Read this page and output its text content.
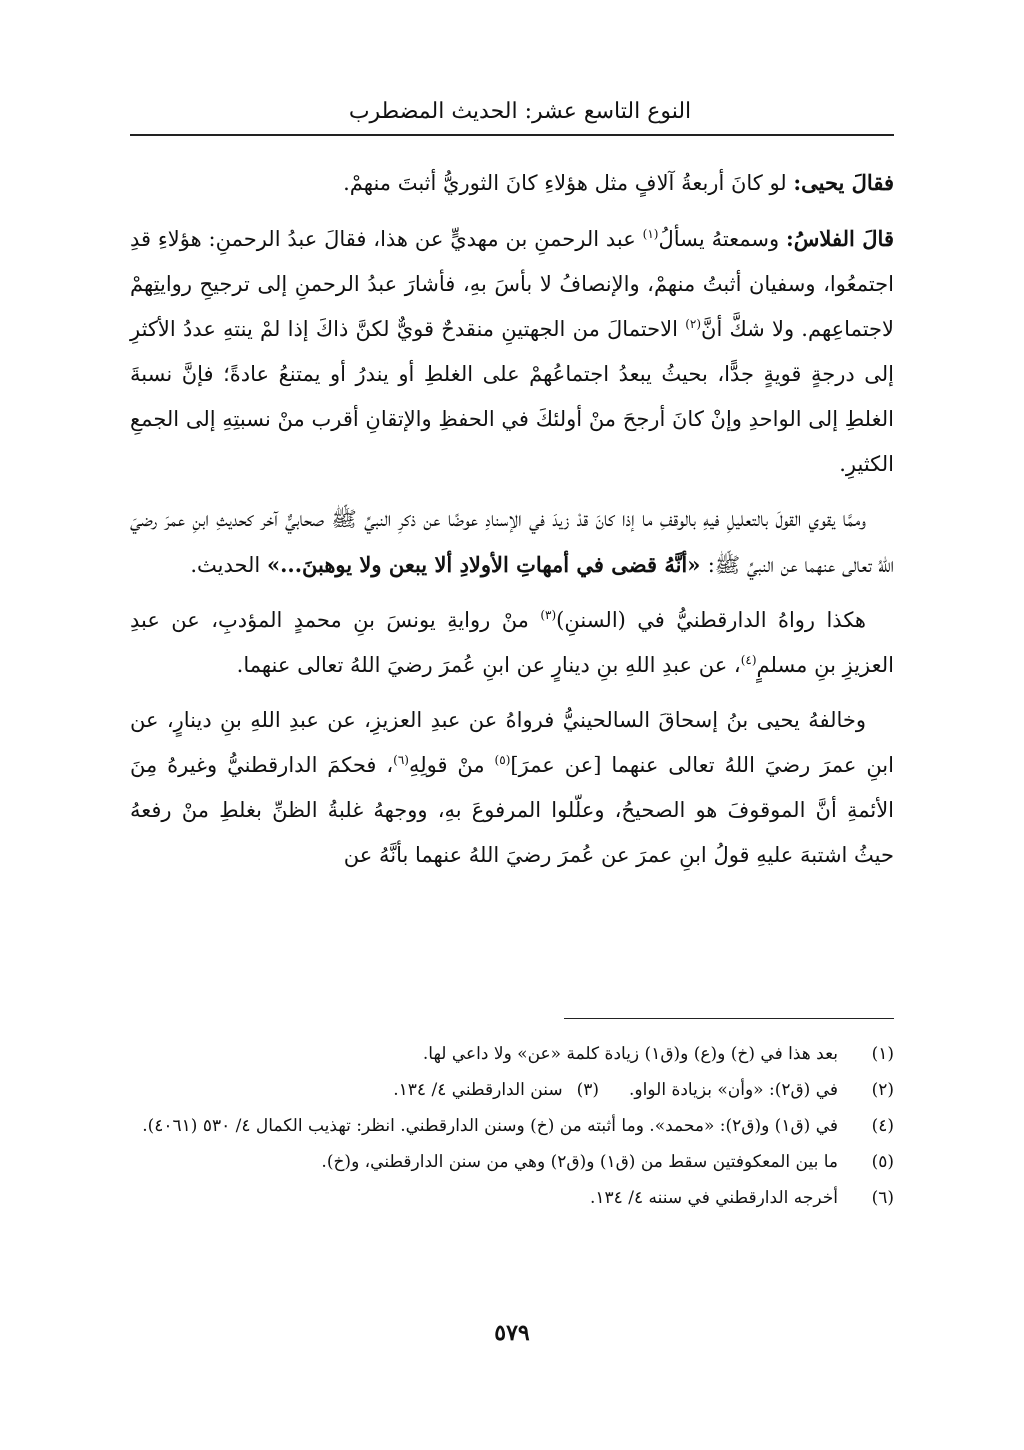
النوع التاسع عشر: الحديث المضطرب

فقالَ يحيى: لو كانَ أربعةُ آلافٍ مثل هؤلاءِ كانَ الثوريُّ أثبتَ منهمْ.

قالَ الفلاسُ: وسمعتهُ يسألُ$^{(١)}$ عبد الرحمنِ بن مهديٍّ عن هذا، فقالَ عبدُ الرحمنِ: هؤلاءِ قدِ اجتمعُوا، وسفيان أثبتُ منهمْ، والإنصافُ لا بأسَ بهِ، فأشارَ عبدُ الرحمنِ إلى ترجيحِ روايتِهمْ لاجتماعِهم. ولا شكَّ أنَّ$^{(٢)}$ الاحتمالَ من الجهتينِ منقدحٌ قويٌّ لكنَّ ذاكَ إذا لمْ ينتهِ عددُ الأكثرِ إلى درجةٍ قويةٍ جدًّا، بحيثُ يبعدُ اجتماعُهمْ على الغلطِ أو يندرُ أو يمتنعُ عادةً؛ فإنَّ نسبةَ الغلطِ إلى الواحدِ وإنْ كانَ أرجحَ منْ أولئكَ في الحفظِ والإتقانِ أقرب منْ نسبتِهِ إلى الجمعِ الكثيرِ.

وممَّا يقوي القولَ بالتعليلِ فيهِ بالوقفِ ما إذا كانَ قدْ زيدَ في الإسنادِ عوضًا عن ذكرِ النبيِّ ﷺ صحابيٌّ آخر كحديثِ ابنِ عمرَ رضيَ اللهُ تعالى عنهما عن النبيِّ ﷺ: «أنَّهُ قضى في أمهاتِ الأولادِ ألا يبعن ولا يوهبنَ...» الحديث.

هكذا رواهُ الدارقطنيُّ في (السننِ)$^{(٣)}$ منْ روايةِ يونسَ بنِ محمدٍ المؤدبِ، عن عبدِ العزيزِ بنِ مسلمٍ$^{(٤)}$، عن عبدِ اللهِ بنِ دينارٍ عن ابنِ عُمرَ رضيَ اللهُ تعالى عنهما.

وخالفهُ يحيى بنُ إسحاقَ السالحينيُّ فرواهُ عن عبدِ العزيزِ، عن عبدِ اللهِ بنِ دينارٍ، عن ابنِ عمرَ رضيَ اللهُ تعالى عنهما [عن عمرَ]$^{(٥)}$ منْ قولِهِ$^{(٦)}$، فحكمَ الدارقطنيُّ وغيرهُ مِنَ الأئمةِ أنَّ الموقوفَ هو الصحيحُ، وعلّلوا المرفوعَ بهِ، ووجههُ غلبةُ الظنِّ بغلطِ منْ رفعهُ حيثُ اشتبهَ عليهِ قولُ ابنِ عمرَ عن عُمرَ رضيَ اللهُ عنهما بأنَّهُ عن

(١)
بعد هذا في (خ) و(ع) و(ق١) زيادة كلمة «عن» ولا داعي لها.
(٢)
في (ق٢): «وأن» بزيادة الواو.(٣)سنن الدارقطني ٤/ ١٣٤.
(٤)
في (ق١) و(ق٢): «محمد». وما أثبته من (خ) وسنن الدارقطني. انظر: تهذيب الكمال ٤/ ٥٣٠ (٤٠٦١).
(٥)
ما بين المعكوفتين سقط من (ق١) و(ق٢) وهي من سنن الدارقطني، و(خ).
(٦)
أخرجه الدارقطني في سننه ٤/ ١٣٤.
٥٧٩
